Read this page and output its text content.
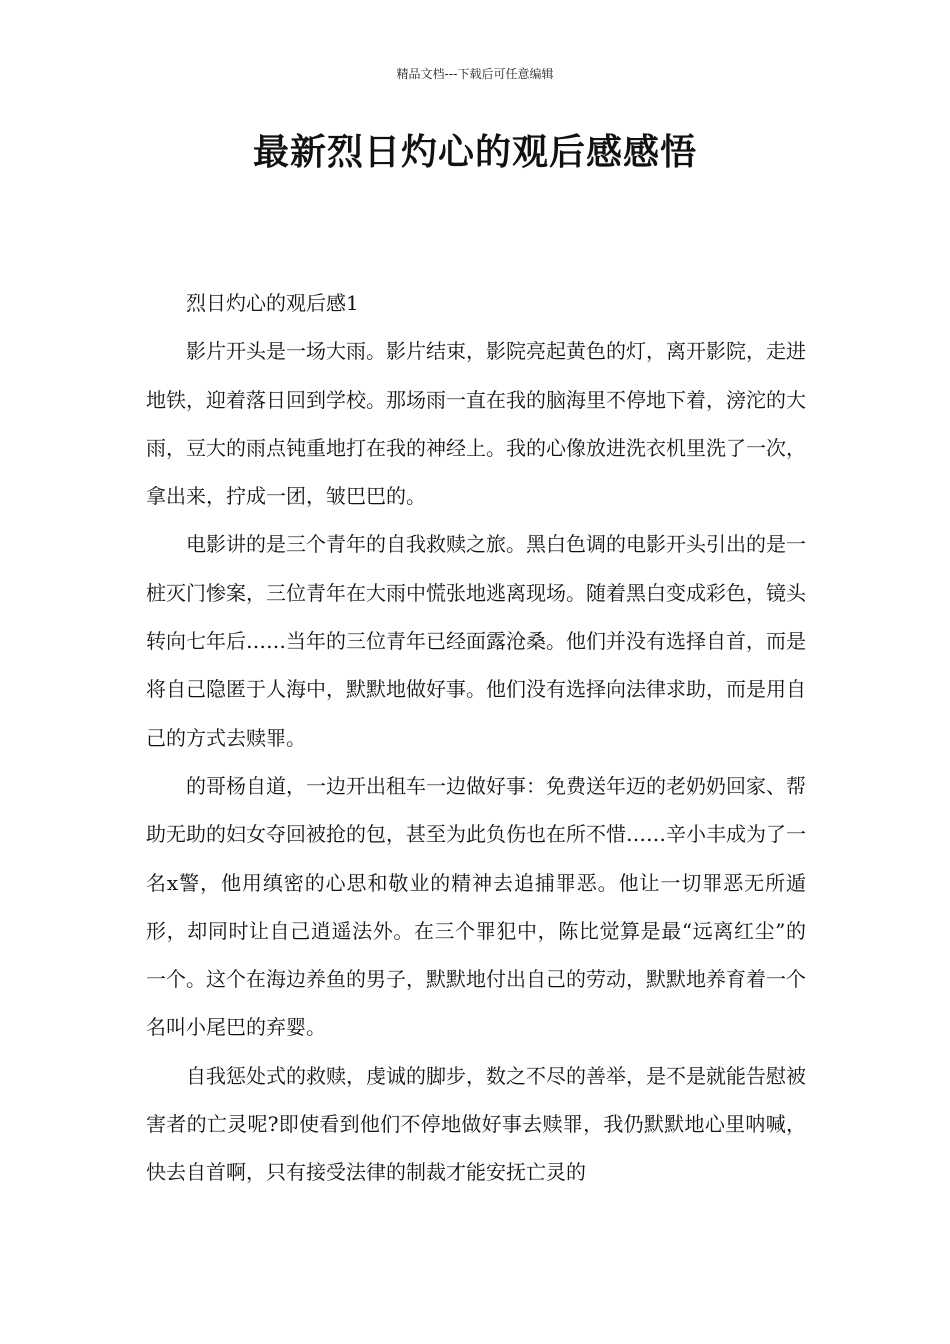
精品文档---下载后可任意编辑
最新烈日灼心的观后感感悟

烈日灼心的观后感1

影片开头是一场大雨。影片结束，影院亮起黄色的灯，离开影院，走进地铁，迎着落日回到学校。那场雨一直在我的脑海里不停地下着，滂沱的大雨，豆大的雨点钝重地打在我的神经上。我的心像放进洗衣机里洗了一次，拿出来，拧成一团，皱巴巴的。

电影讲的是三个青年的自我救赎之旅。黑白色调的电影开头引出的是一桩灭门惨案，三位青年在大雨中慌张地逃离现场。随着黑白变成彩色，镜头转向七年后……当年的三位青年已经面露沧桑。他们并没有选择自首，而是将自己隐匿于人海中，默默地做好事。他们没有选择向法律求助，而是用自己的方式去赎罪。

的哥杨自道，一边开出租车一边做好事：免费送年迈的老奶奶回家、帮助无助的妇女夺回被抢的包，甚至为此负伤也在所不惜……辛小丰成为了一名x警，他用缜密的心思和敬业的精神去追捕罪恶。他让一切罪恶无所遁形，却同时让自己逍遥法外。在三个罪犯中，陈比觉算是最“远离红尘”的一个。这个在海边养鱼的男子，默默地付出自己的劳动，默默地养育着一个名叫小尾巴的弃婴。

自我惩处式的救赎，虔诚的脚步，数之不尽的善举，是不是就能告慰被害者的亡灵呢?即使看到他们不停地做好事去赎罪，我仍默默地心里呐喊，快去自首啊，只有接受法律的制裁才能安抚亡灵的
